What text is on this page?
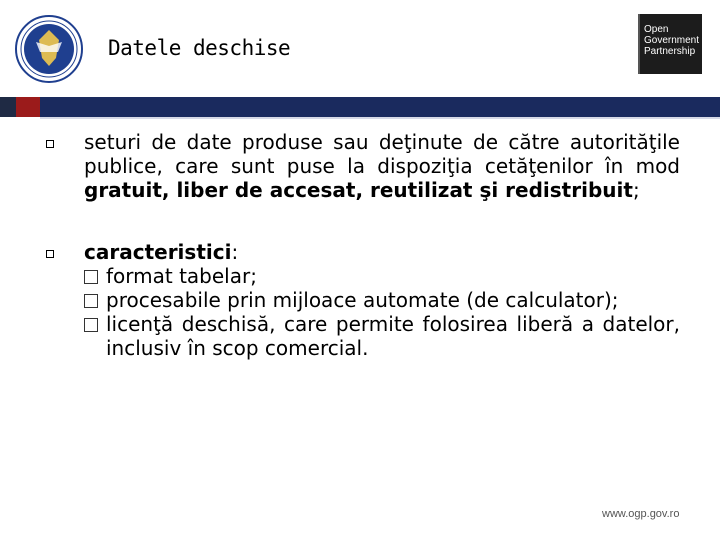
Datele deschise
Open
Government
Partnership
seturi de date produse sau deţinute de către autorităţile publice, care sunt puse la dispoziţia cetăţenilor în mod gratuit, liber de accesat, reutilizat şi redistribuit;
caracteristici:
format tabelar;
procesabile prin mijloace automate (de calculator);
licenţă deschisă, care permite folosirea liberă a datelor, inclusiv în scop comercial.
www.ogp.gov.ro
